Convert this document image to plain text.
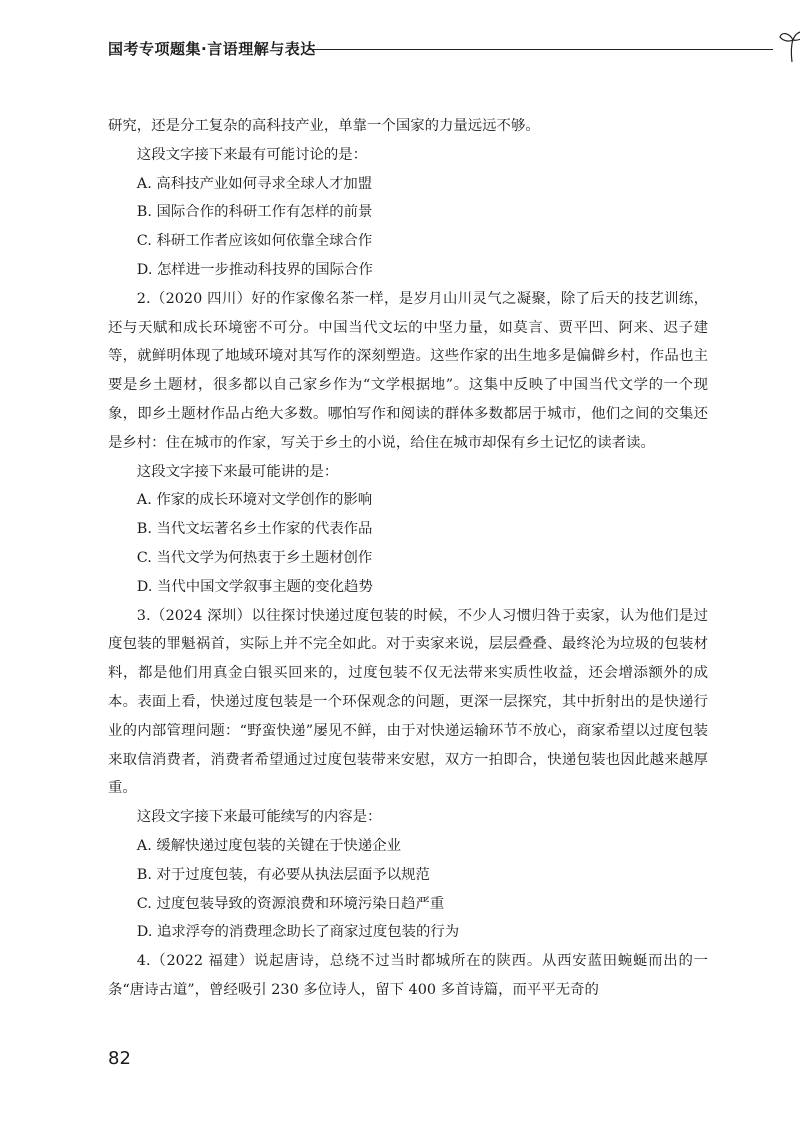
国考专项题集·言语理解与表达

研究，还是分工复杂的高科技产业，单靠一个国家的力量远远不够。

这段文字接下来最有可能讨论的是：

A. 高科技产业如何寻求全球人才加盟

B. 国际合作的科研工作有怎样的前景

C. 科研工作者应该如何依靠全球合作

D. 怎样进一步推动科技界的国际合作

2.（2020 四川）好的作家像名茶一样，是岁月山川灵气之凝聚，除了后天的技艺训练，还与天赋和成长环境密不可分。中国当代文坛的中坚力量，如莫言、贾平凹、阿来、迟子建等，就鲜明体现了地域环境对其写作的深刻塑造。这些作家的出生地多是偏僻乡村，作品也主要是乡土题材，很多都以自己家乡作为“文学根据地”。这集中反映了中国当代文学的一个现象，即乡土题材作品占绝大多数。哪怕写作和阅读的群体多数都居于城市，他们之间的交集还是乡村：住在城市的作家，写关于乡土的小说，给住在城市却保有乡土记忆的读者读。

这段文字接下来最可能讲的是：

A. 作家的成长环境对文学创作的影响

B. 当代文坛著名乡土作家的代表作品

C. 当代文学为何热衷于乡土题材创作

D. 当代中国文学叙事主题的变化趋势

3.（2024 深圳）以往探讨快递过度包装的时候，不少人习惯归咎于卖家，认为他们是过度包装的罪魁祸首，实际上并不完全如此。对于卖家来说，层层叠叠、最终沦为垃圾的包装材料，都是他们用真金白银买回来的，过度包装不仅无法带来实质性收益，还会增添额外的成本。表面上看，快递过度包装是一个环保观念的问题，更深一层探究，其中折射出的是快递行业的内部管理问题：“野蛮快递”屡见不鲜，由于对快递运输环节不放心，商家希望以过度包装来取信消费者，消费者希望通过过度包装带来安慰，双方一拍即合，快递包装也因此越来越厚重。

这段文字接下来最可能续写的内容是：

A. 缓解快递过度包装的关键在于快递企业

B. 对于过度包装，有必要从执法层面予以规范

C. 过度包装导致的资源浪费和环境污染日趋严重

D. 追求浮夸的消费理念助长了商家过度包装的行为

4.（2022 福建）说起唐诗，总绕不过当时都城所在的陕西。从西安蓝田蜿蜒而出的一条“唐诗古道”，曾经吸引 230 多位诗人，留下 400 多首诗篇，而平平无奇的

82
